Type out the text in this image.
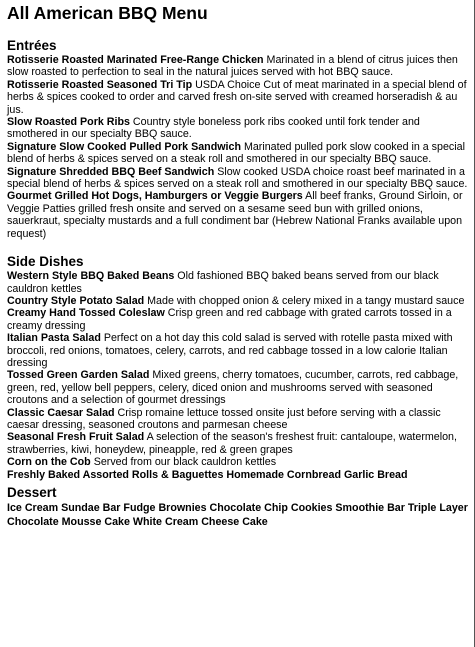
All American BBQ Menu
Entrées

Rotisserie Roasted Marinated Free-Range Chicken Marinated in a blend of citrus juices then slow roasted to perfection to seal in the natural juices served with hot BBQ sauce.

Rotisserie Roasted Seasoned Tri Tip USDA Choice Cut of meat marinated in a special blend of herbs & spices cooked to order and carved fresh on-site served with creamed horseradish & au jus.

Slow Roasted Pork Ribs Country style boneless pork ribs cooked until fork tender and smothered in our specialty BBQ sauce.

Signature Slow Cooked Pulled Pork Sandwich Marinated pulled pork slow cooked in a special blend of herbs & spices served on a steak roll and smothered in our specialty BBQ sauce.

Signature Shredded BBQ Beef Sandwich Slow cooked USDA choice roast beef marinated in a special blend of herbs & spices served on a steak roll and smothered in our specialty BBQ sauce.

Gourmet Grilled Hot Dogs, Hamburgers or Veggie Burgers All beef franks, Ground Sirloin, or Veggie Patties grilled fresh onsite and served on a sesame seed bun with grilled onions, sauerkraut, specialty mustards and a full condiment bar (Hebrew National Franks available upon request)

Side Dishes

Western Style BBQ Baked Beans Old fashioned BBQ baked beans served from our black cauldron kettles

Country Style Potato Salad Made with chopped onion & celery mixed in a tangy mustard sauce

Creamy Hand Tossed Coleslaw Crisp green and red cabbage with grated carrots tossed in a creamy dressing

Italian Pasta Salad Perfect on a hot day this cold salad is served with rotelle pasta mixed with broccoli, red onions, tomatoes, celery, carrots, and red cabbage tossed in a low calorie Italian dressing

Tossed Green Garden Salad Mixed greens, cherry tomatoes, cucumber, carrots, red cabbage, green, red, yellow bell peppers, celery, diced onion and mushrooms served with seasoned croutons and a selection of gourmet dressings

Classic Caesar Salad Crisp romaine lettuce tossed onsite just before serving with a classic caesar dressing, seasoned croutons and parmesan cheese

Seasonal Fresh Fruit Salad A selection of the season's freshest fruit: cantaloupe, watermelon, strawberries, kiwi, honeydew, pineapple, red & green grapes

Corn on the Cob Served from our black cauldron kettles

Freshly Baked Assorted Rolls & Baguettes Homemade Cornbread Garlic Bread

Dessert

Ice Cream Sundae Bar Fudge Brownies Chocolate Chip Cookies Smoothie Bar Triple Layer Chocolate Mousse Cake White Cream Cheese Cake
